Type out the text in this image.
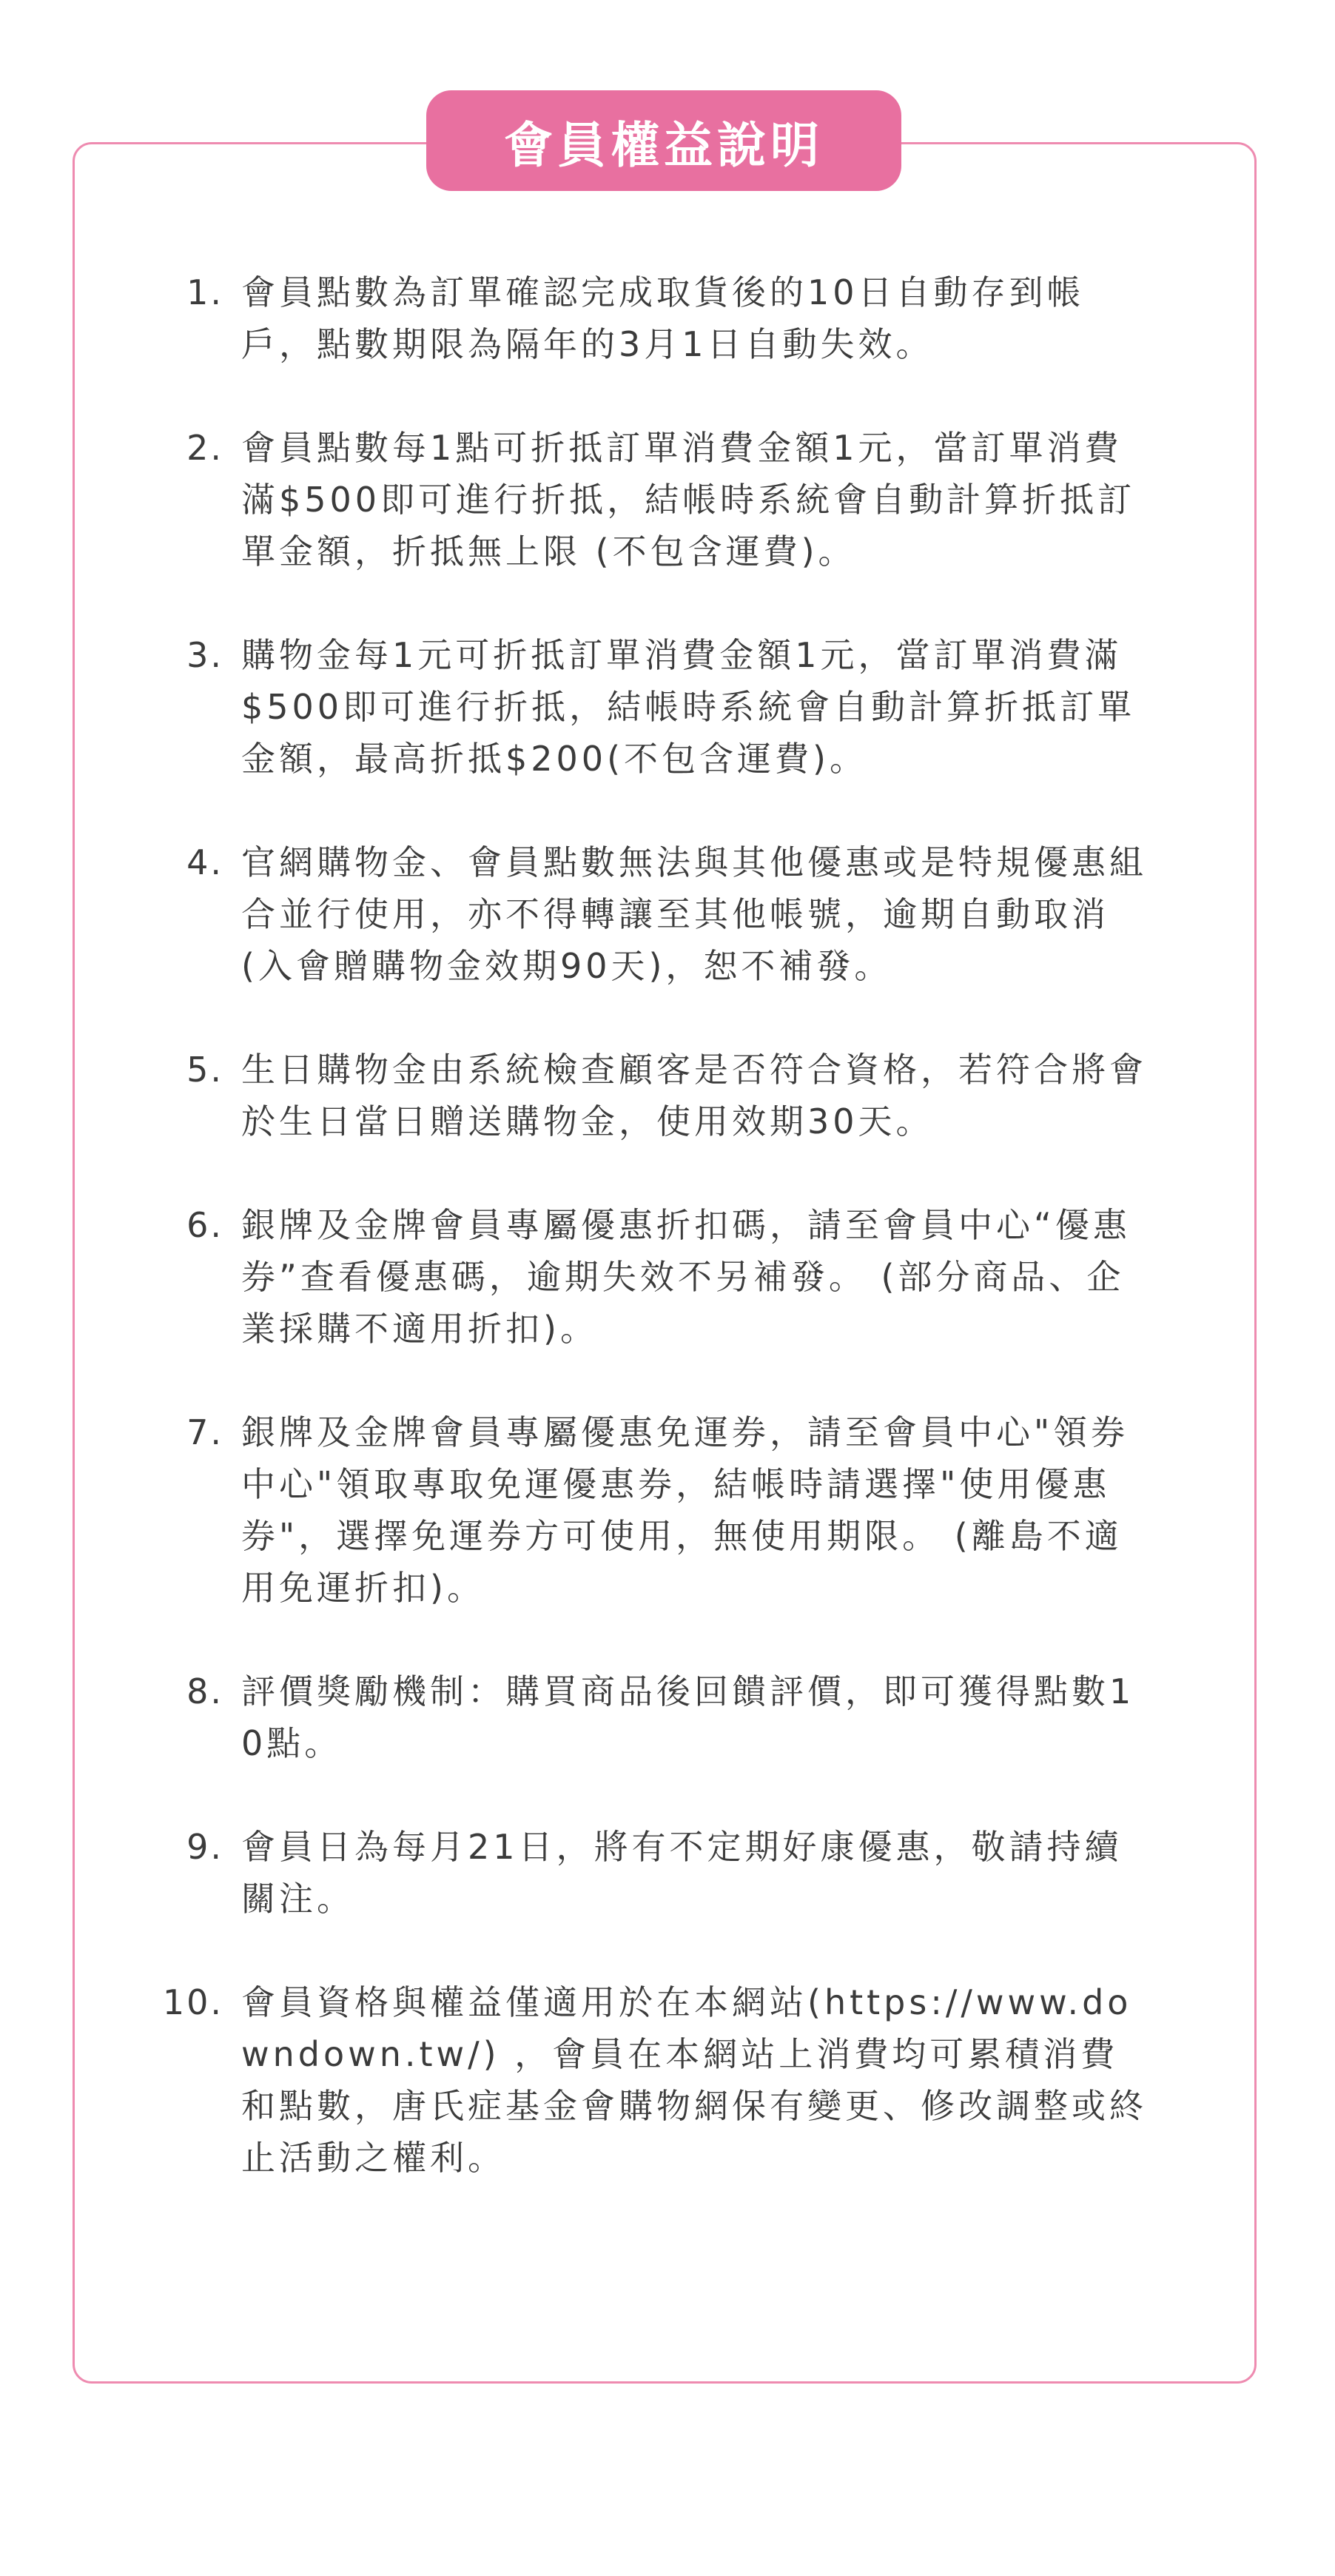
會員權益說明
1. 會員點數為訂單確認完成取貨後的10日自動存到帳戶，點數期限為隔年的3月1日自動失效。
2. 會員點數每1點可折抵訂單消費金額1元，當訂單消費滿$500即可進行折抵，結帳時系統會自動計算折抵訂單金額，折抵無上限 (不包含運費)。
3. 購物金每1元可折抵訂單消費金額1元，當訂單消費滿$500即可進行折抵，結帳時系統會自動計算折抵訂單金額，最高折抵$200(不包含運費)。
4. 官網購物金、會員點數無法與其他優惠或是特規優惠組合並行使用，亦不得轉讓至其他帳號，逾期自動取消 (入會贈購物金效期90天)，恕不補發。
5. 生日購物金由系統檢查顧客是否符合資格，若符合將會於生日當日贈送購物金，使用效期30天。
6. 銀牌及金牌會員專屬優惠折扣碼，請至會員中心“優惠券”查看優惠碼，逾期失效不另補發。 (部分商品、企業採購不適用折扣)。
7. 銀牌及金牌會員專屬優惠免運券，請至會員中心"領券中心"領取專取免運優惠券，結帳時請選擇"使用優惠券"，選擇免運券方可使用，無使用期限。 (離島不適用免運折扣)。
8. 評價獎勵機制：購買商品後回饋評價，即可獲得點數10點。
9. 會員日為每月21日，將有不定期好康優惠，敬請持續關注。
10. 會員資格與權益僅適用於在本網站(https://www.downdown.tw/) ，會員在本網站上消費均可累積消費和點數，唐氏症基金會購物網保有變更、修改調整或終止活動之權利。
